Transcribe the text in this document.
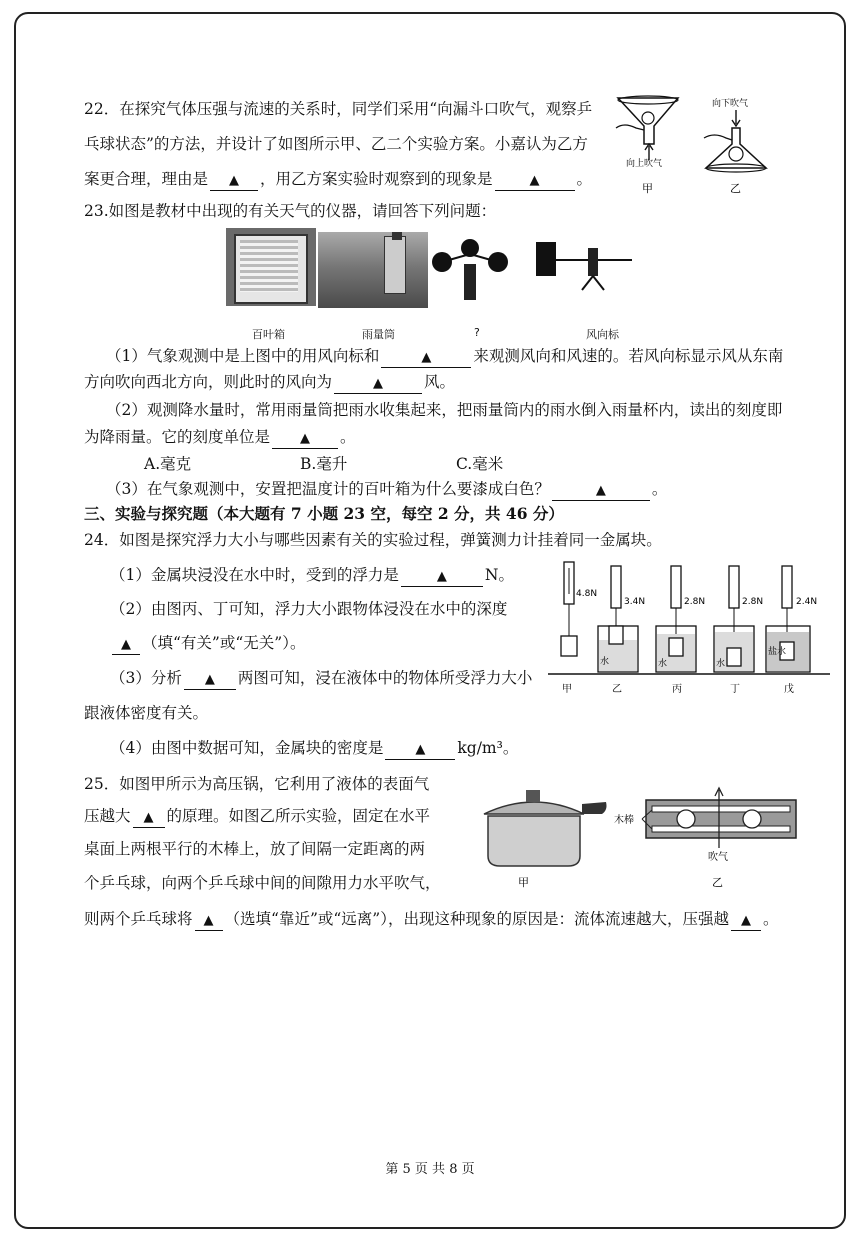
22．在探究气体压强与流速的关系时，同学们采用“向漏斗口吹气，观察乒
乓球状态”的方法，并设计了如图所示甲、乙二个实验方案。小嘉认为乙方
案更合理，理由是 ▲ ，用乙方案实验时观察到的现象是	▲ 。
向上吹气
甲
向下吹气
乙
23.如图是教材中出现的有关天气的仪器，请回答下列问题：
百叶箱	雨量筒	?	风向标
（1）气象观测中是上图中的用风向标和	▲	来观测风向和风速的。若风向标显示风从东南
方向吹向西北方向，则此时的风向为	▲	风。
（2）观测降水量时，常用雨量筒把雨水收集起来，把雨量筒内的雨水倒入雨量杯内，读出的刻度即
为降雨量。它的刻度单位是 ▲ 。
A.毫克	B.毫升	C.毫米
（3）在气象观测中，安置把温度计的百叶箱为什么要漆成白色？	▲	。
三、实验与探究题（本大题有 7 小题 23 空，每空 2 分，共 46 分）
24．如图是探究浮力大小与哪些因素有关的实验过程，弹簧测力计挂着同一金属块。
（1）金属块浸没在水中时，受到的浮力是	▲ N。
（2）由图丙、丁可知，浮力大小跟物体浸没在水中的深度
▲ （填“有关”或“无关”）。
（3）分析 ▲ 两图可知，浸在液体中的物体所受浮力大小
跟液体密度有关。
（4）由图中数据可知，金属块的密度是 ▲ kg/m³。
4.8N
甲
3.4N
水
乙
2.8N
水
丙
2.8N
水
丁
2.4N
盐水
戊
25．如图甲所示为高压锅，它利用了液体的表面气
压越大 ▲ 的原理。如图乙所示实验，固定在水平
桌面上两根平行的木棒上，放了间隔一定距离的两
个乒乓球，向两个乒乓球中间的间隙用力水平吹气，
则两个乒乓球将 ▲ （选填“靠近”或“远离”），出现这种现象的原因是：流体流速越大，压强越 ▲ 。
甲
木棒
吹气
乙
第 5 页 共 8 页
